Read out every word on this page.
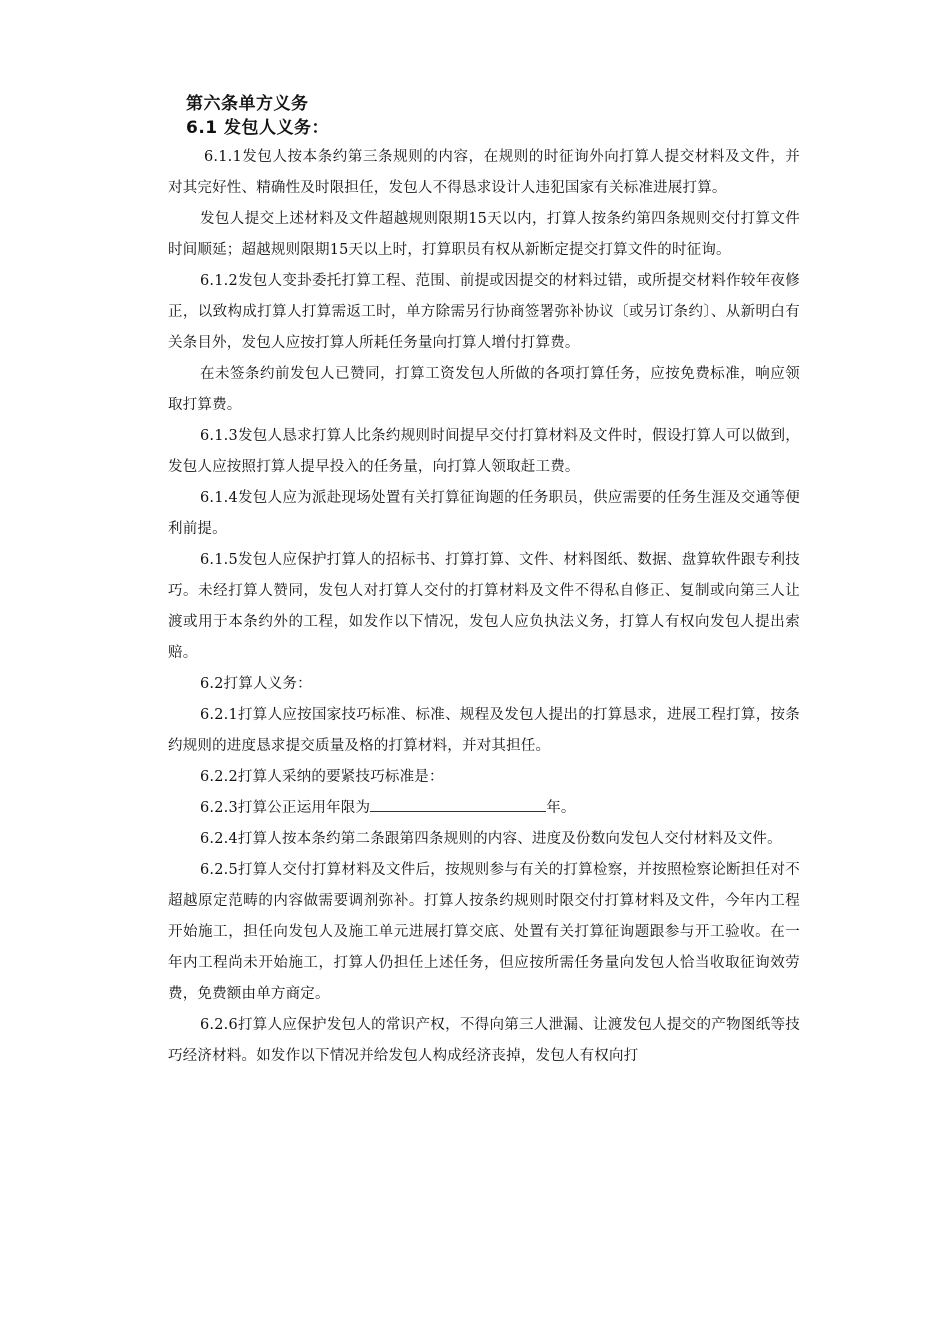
第六条单方义务

6.1 发包人义务：

6.1.1发包人按本条约第三条规则的内容，在规则的时征询外向打算人提交材料及文件，并对其完好性、精确性及时限担任，发包人不得恳求设计人违犯国家有关标准进展打算。

发包人提交上述材料及文件超越规则限期15天以内，打算人按条约第四条规则交付打算文件时间顺延；超越规则限期15天以上时，打算职员有权从新断定提交打算文件的时征询。

6.1.2发包人变卦委托打算工程、范围、前提或因提交的材料过错，或所提交材料作较年夜修正，以致构成打算人打算需返工时，单方除需另行协商签署弥补协议〔或另订条约〕、从新明白有关条目外，发包人应按打算人所耗任务量向打算人增付打算费。

在未签条约前发包人已赞同，打算工资发包人所做的各项打算任务，应按免费标准，响应领取打算费。

6.1.3发包人恳求打算人比条约规则时间提早交付打算材料及文件时，假设打算人可以做到，发包人应按照打算人提早投入的任务量，向打算人领取赶工费。

6.1.4发包人应为派赴现场处置有关打算征询题的任务职员，供应需要的任务生涯及交通等便利前提。

6.1.5发包人应保护打算人的招标书、打算打算、文件、材料图纸、数据、盘算软件跟专利技巧。未经打算人赞同，发包人对打算人交付的打算材料及文件不得私自修正、复制或向第三人让渡或用于本条约外的工程，如发作以下情况，发包人应负执法义务，打算人有权向发包人提出索赔。

6.2打算人义务：

6.2.1打算人应按国家技巧标准、标准、规程及发包人提出的打算恳求，进展工程打算，按条约规则的进度恳求提交质量及格的打算材料，并对其担任。

6.2.2打算人采纳的要紧技巧标准是：

6.2.3打算公正运用年限为	年。

6.2.4打算人按本条约第二条跟第四条规则的内容、进度及份数向发包人交付材料及文件。

6.2.5打算人交付打算材料及文件后，按规则参与有关的打算检察，并按照检察论断担任对不超越原定范畴的内容做需要调剂弥补。打算人按条约规则时限交付打算材料及文件，今年内工程开始施工，担任向发包人及施工单元进展打算交底、处置有关打算征询题跟参与开工验收。在一年内工程尚未开始施工，打算人仍担任上述任务，但应按所需任务量向发包人恰当收取征询效劳费，免费额由单方商定。

6.2.6打算人应保护发包人的常识产权，不得向第三人泄漏、让渡发包人提交的产物图纸等技巧经济材料。如发作以下情况并给发包人构成经济丧掉，发包人有权向打
